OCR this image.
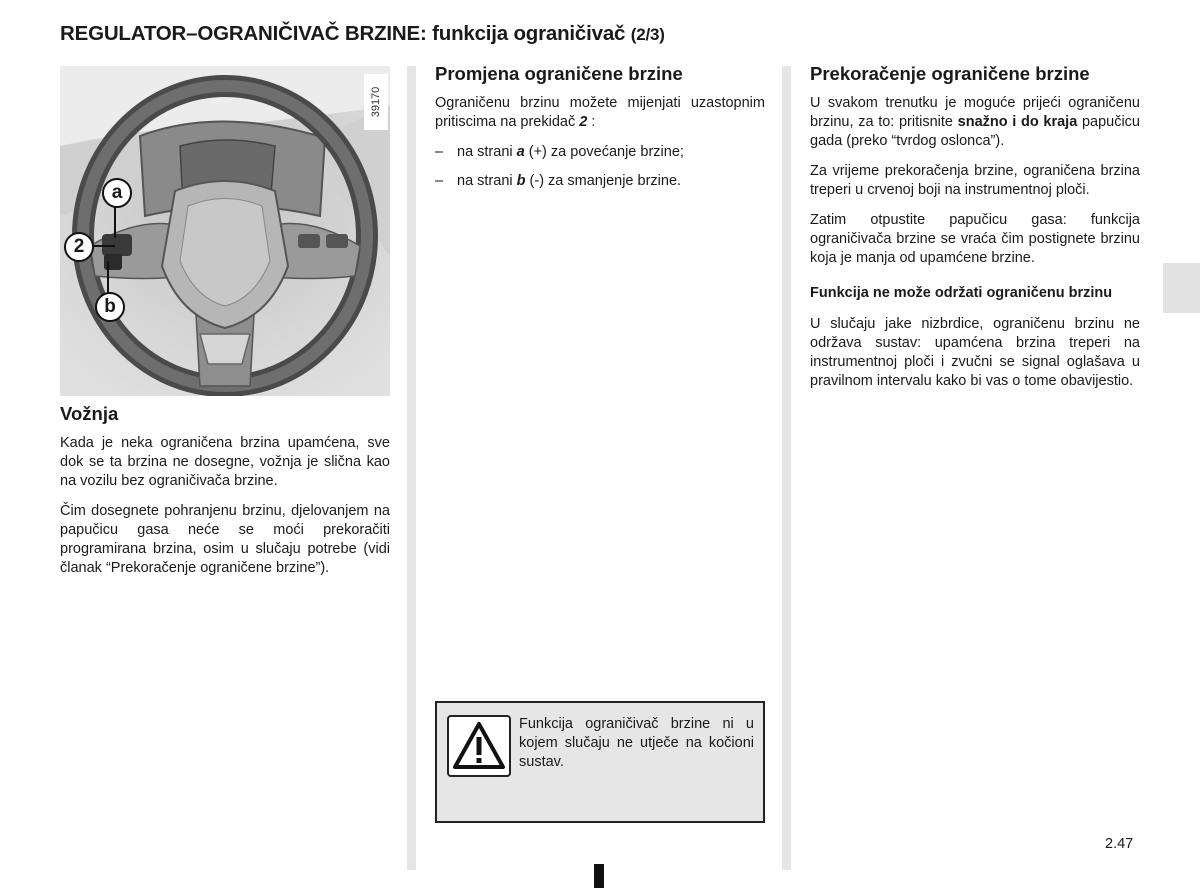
REGULATOR–OGRANIČIVAČ BRZINE: funkcija ograničivač (2/3)
39170
a
2
b
Vožnja

Kada je neka ograničena brzina upamćena, sve dok se ta brzina ne dosegne, vožnja je slična kao na vozilu bez ograničivača brzine.

Čim dosegnete pohranjenu brzinu, djelovanjem na papučicu gasa neće se moći prekoračiti programirana brzina, osim u slučaju potrebe (vidi članak “Prekoračenje ograničene brzine”).

Promjena ograničene brzine

Ograničenu brzinu možete mijenjati uzastopnim pritiscima na prekidač 2 :

– na strani a (+) za povećanje brzine;
– na strani b (-) za smanjenje brzine.
Funkcija ograničivač brzine ni u kojem slučaju ne utječe na kočioni sustav.
Prekoračenje ograničene brzine

U svakom trenutku je moguće prijeći ograničenu brzinu, za to: pritisnite snažno i do kraja papučicu gada (preko “tvrdog oslonca”).

Za vrijeme prekoračenja brzine, ograničena brzina treperi u crvenoj boji na instrumentnoj ploči.

Zatim otpustite papučicu gasa: funkcija ograničivača brzine se vraća čim postignete brzinu koja je manja od upamćene brzine.

Funkcija ne može održati ograničenu brzinu

U slučaju jake nizbrdice, ograničenu brzinu ne održava sustav: upamćena brzina treperi na instrumentnoj ploči i zvučni se signal oglašava u pravilnom intervalu kako bi vas o tome obavijestio.

2.47
